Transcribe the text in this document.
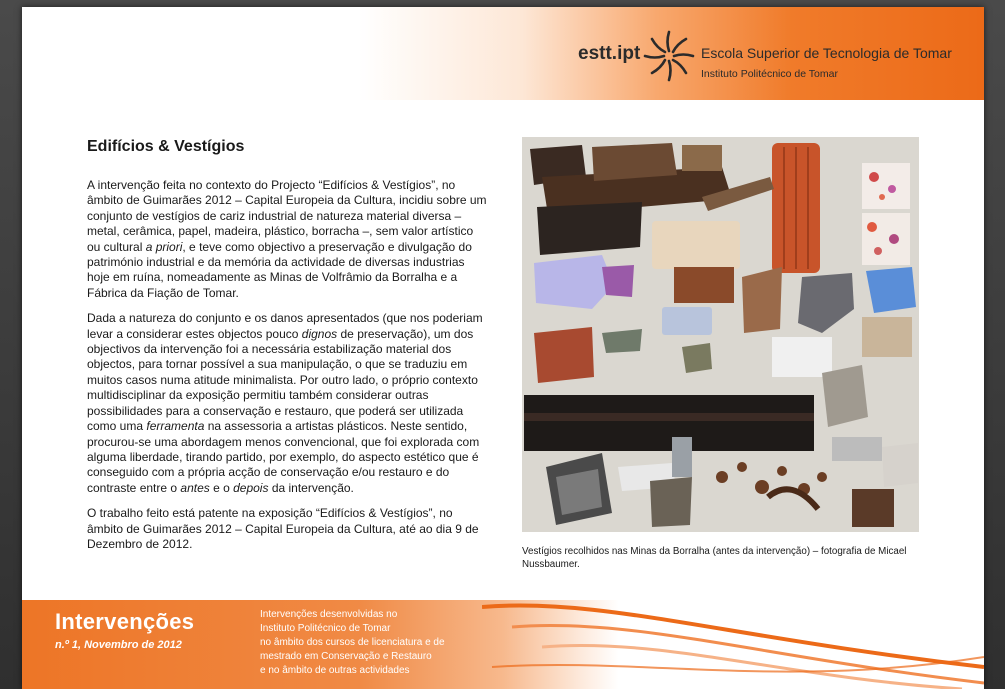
estt.ipt	Escola Superior de Tecnologia de Tomar
Instituto Politécnico de Tomar
Edifícios & Vestígios

A intervenção feita no contexto do Projecto “Edifícios & Vestígios”, no âmbito de Guimarães 2012 – Capital Europeia da Cultura, incidiu sobre um conjunto de vestígios de cariz industrial de natureza material diversa – metal, cerâmica, papel, madeira, plástico, borracha –, sem valor artístico ou cultural a priori, e teve como objectivo a preservação e divulgação do património industrial e da memória da actividade de diversas industrias hoje em ruína, nomeadamente as Minas de Volfrâmio da Borralha e a Fábrica da Fiação de Tomar.

Dada a natureza do conjunto e os danos apresentados (que nos poderiam levar a considerar estes objectos pouco dignos de preservação), um dos objectivos da intervenção foi a necessária estabilização material dos objectos, para tornar possível a sua manipulação, o que se traduziu em muitos casos numa atitude minimalista. Por outro lado, o próprio contexto multidisciplinar da exposição permitiu também considerar outras possibilidades para a conservação e restauro, que poderá ser utilizada como uma ferramenta na assessoria a artistas plásticos. Neste sentido, procurou-se uma abordagem menos convencional, que foi explorada com alguma liberdade, tirando partido, por exemplo, do aspecto estético que é conseguido com a própria acção de conservação e/ou restauro e do contraste entre o antes e o depois da intervenção.

O trabalho feito está patente na exposição “Edifícios & Vestígios”, no âmbito de Guimarães 2012 – Capital Europeia da Cultura, até ao dia 9 de Dezembro de 2012.

Vestígios recolhidos nas Minas da Borralha (antes da intervenção) – fotografia de Micael Nussbaumer.
Intervenções
n.º 1, Novembro de 2012
Intervenções desenvolvidas no
Instituto Politécnico de Tomar
no âmbito dos cursos de licenciatura e de
mestrado em Conservação e Restauro
e no âmbito de outras actividades
